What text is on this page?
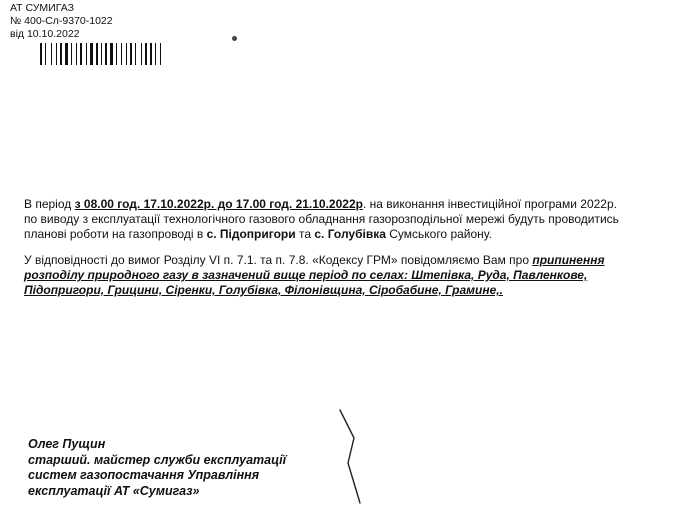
АТ СУМИГАЗ
№ 400-Сл-9370-1022
від 10.10.2022
В період з 08.00 год. 17.10.2022р. до 17.00 год. 21.10.2022р. на виконання інвестиційної програми 2022р.
по виводу з експлуатації технологічного газового обладнання газорозподільної мережі будуть проводитись
планові роботи на газопроводі в с. Підопригори та с. Голубівка Сумського району.
У відповідності до вимог Розділу VI п. 7.1. та п. 7.8. «Кодексу ГРМ» повідомляємо Вам про припинення
розподілу природного газу в зазначений вище період по селах: Штепівка, Руда, Павленкове,
Підопригори, Грицини, Сіренки, Голубівка, Філонівщина, Сіробабине, Грамине,.
Олег Пущин
старший. майстер служби експлуатації
систем газопостачання Управління
експлуатації АТ «Сумигаз»
